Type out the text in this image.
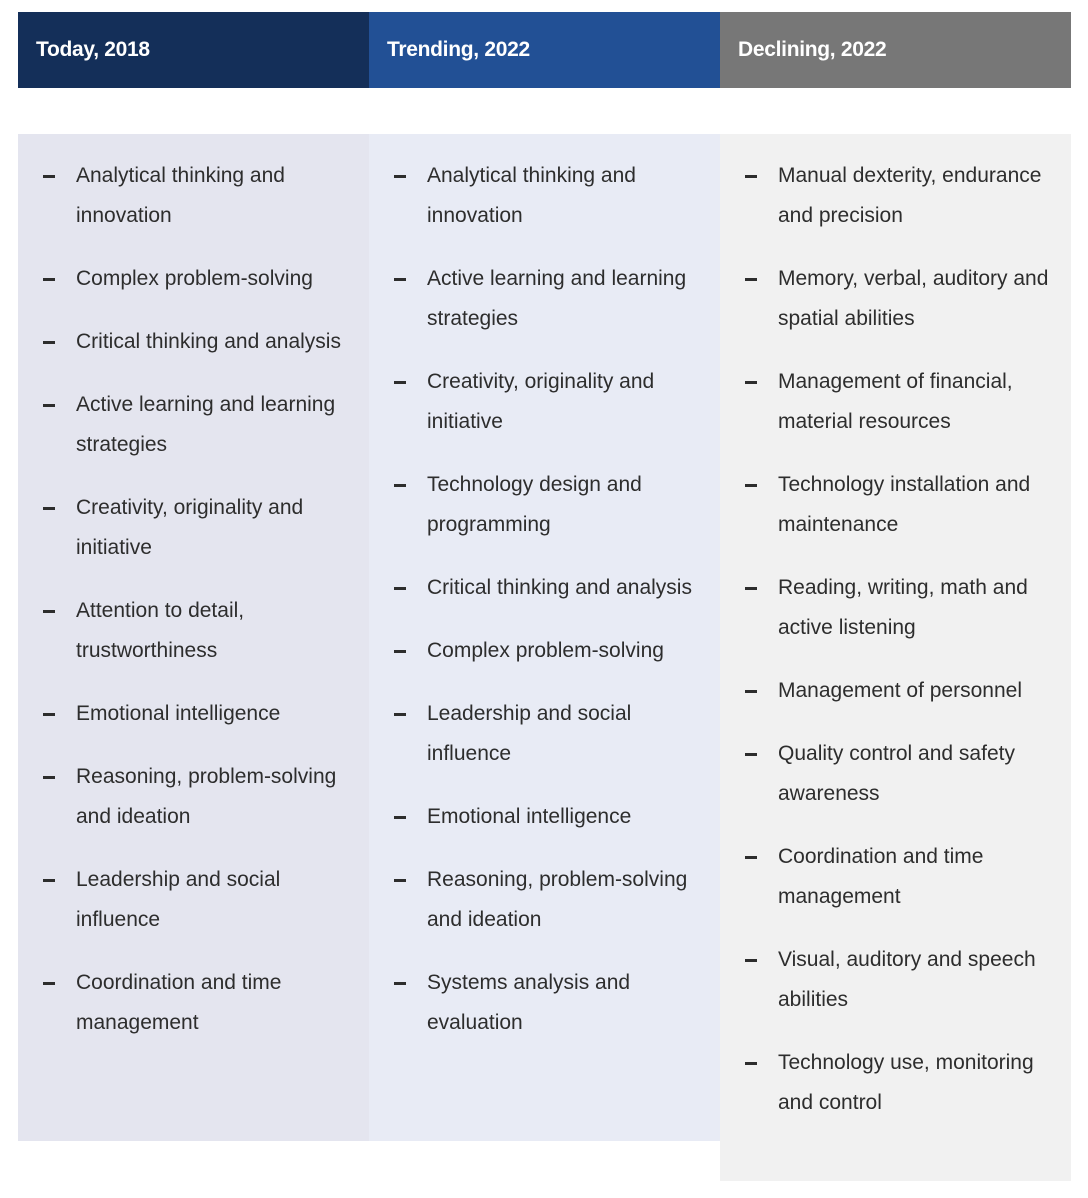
Today, 2018	Trending, 2022	Declining, 2022
Analytical thinking and innovation
Complex problem-solving
Critical thinking and analysis
Active learning and learning strategies
Creativity, originality and initiative
Attention to detail, trustworthiness
Emotional intelligence
Reasoning, problem-solving and ideation
Leadership and social influence
Coordination and time management
Analytical thinking and innovation
Active learning and learning strategies
Creativity, originality and initiative
Technology design and programming
Critical thinking and analysis
Complex problem-solving
Leadership and social influence
Emotional intelligence
Reasoning, problem-solving and ideation
Systems analysis and evaluation
Manual dexterity, endurance and precision
Memory, verbal, auditory and spatial abilities
Management of financial, material resources
Technology installation and maintenance
Reading, writing, math and active listening
Management of personnel
Quality control and safety awareness
Coordination and time management
Visual, auditory and speech abilities
Technology use, monitoring and control
